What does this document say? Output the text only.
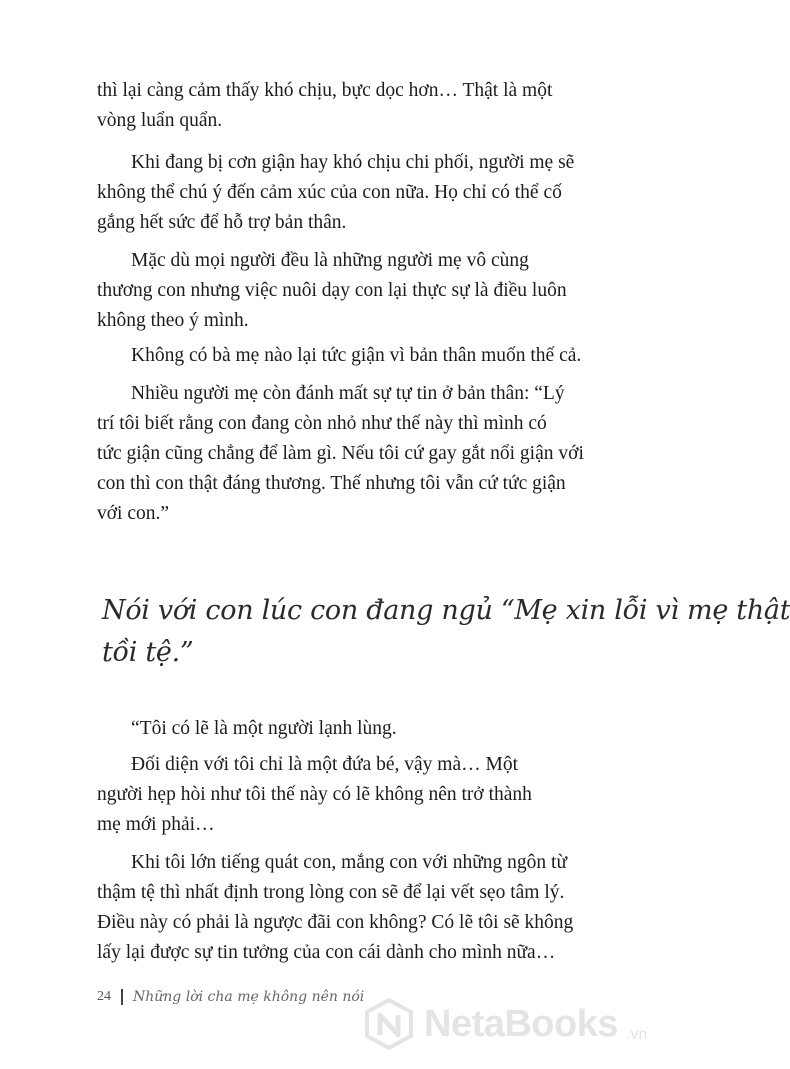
thì lại càng cảm thấy khó chịu, bực dọc hơn… Thật là một
vòng luẩn quẩn.

Khi đang bị cơn giận hay khó chịu chi phối, người mẹ sẽ
không thể chú ý đến cảm xúc của con nữa. Họ chỉ có thể cố
gắng hết sức để hỗ trợ bản thân.

Mặc dù mọi người đều là những người mẹ vô cùng
thương con nhưng việc nuôi dạy con lại thực sự là điều luôn
không theo ý mình.

Không có bà mẹ nào lại tức giận vì bản thân muốn thế cả.

Nhiều người mẹ còn đánh mất sự tự tin ở bản thân: “Lý
trí tôi biết rằng con đang còn nhỏ như thế này thì mình có
tức giận cũng chẳng để làm gì. Nếu tôi cứ gay gắt nổi giận với
con thì con thật đáng thương. Thế nhưng tôi vẫn cứ tức giận
với con.”

Nói với con lúc con đang ngủ “Mẹ xin lỗi vì mẹ thật
tồi tệ.”

“Tôi có lẽ là một người lạnh lùng.

Đối diện với tôi chỉ là một đứa bé, vậy mà… Một
người hẹp hòi như tôi thế này có lẽ không nên trở thành
mẹ mới phải…

Khi tôi lớn tiếng quát con, mắng con với những ngôn từ
thậm tệ thì nhất định trong lòng con sẽ để lại vết sẹo tâm lý.
Điều này có phải là ngược đãi con không? Có lẽ tôi sẽ không
lấy lại được sự tin tưởng của con cái dành cho mình nữa…

24 Những lời cha mẹ không nên nói
NetaBooks .vn
